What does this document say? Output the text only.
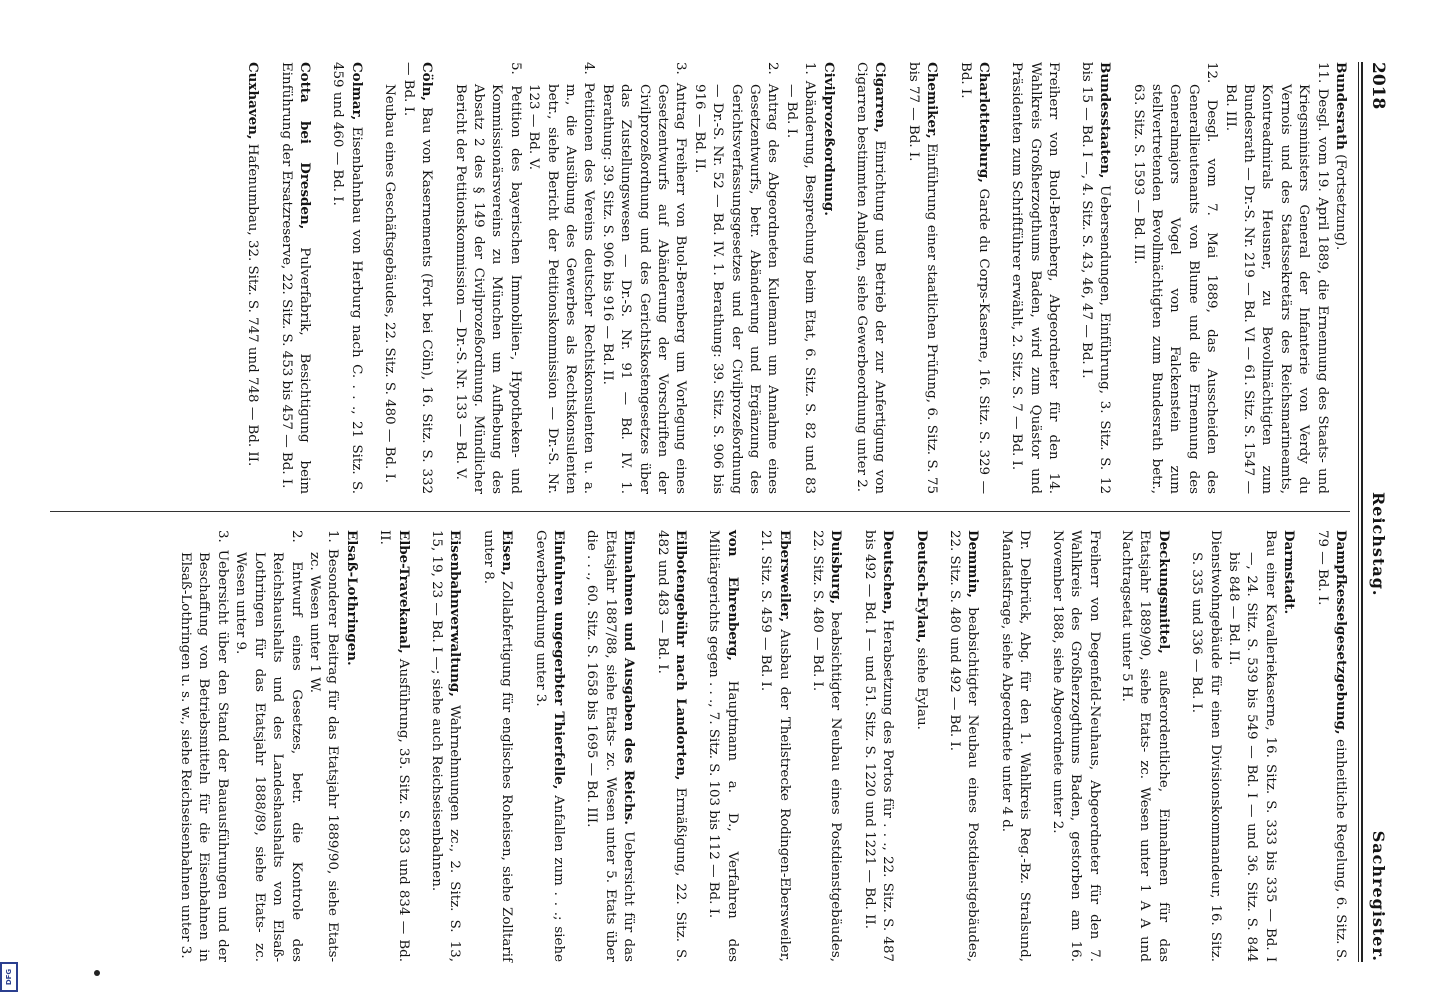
2018
Reichstag.
Sachregister.

Bundesrath (Fortsetzung).

11. Desgl. vom 19. April 1889, die Ernennung des Staats- und Kriegsministers General der Infanterie von Verdy du Vernois und des Staatssekretärs des Reichsmarineamts, Kontreadmirals Heusner, zu Bevollmächtigten zum Bundesrath — Dr.-S. Nr. 219 — Bd. VI — 61. Sitz. S. 1547 — Bd. III.

12. Desgl. vom 7. Mai 1889, das Ausscheiden des Generallieutenants von Blume und die Ernennung des Generalmajors Vogel von Falckenstein zum stellvertretenden Bevollmächtigten zum Bundesrath betr., 63. Sitz. S. 1593 — Bd. III.

Bundesstaaten, Uebersendungen, Einführung, 3. Sitz. S. 12 bis 15 — Bd. I —, 4. Sitz. S. 43, 46, 47 — Bd. I.

Freiherr von Buol-Berenberg, Abgeordneter für den 14. Wahlkreis Großherzogthums Baden, wird zum Quästor und Präsidenten zum Schriftführer erwählt, 2. Sitz. S. 7 — Bd. I.

Charlottenburg, Garde du Corps-Kaserne, 16. Sitz. S. 329 — Bd. I.

Chemiker, Einführung einer staatlichen Prüfung, 6. Sitz. S. 75 bis 77 — Bd. I.

Cigarren, Einrichtung und Betrieb der zur Anfertigung von Cigarren bestimmten Anlagen, siehe Gewerbeordnung unter 2.

Civilprozeßordnung.

1. Abänderung, Besprechung beim Etat, 6. Sitz. S. 82 und 83 — Bd. I.

2. Antrag des Abgeordneten Kulemann um Annahme eines Gesetzentwurfs, betr. Abänderung und Ergänzung des Gerichtsverfassungsgesetzes und der Civilprozeßordnung — Dr.-S. Nr. 52 — Bd. IV. 1. Berathung: 39. Sitz. S. 906 bis 916 — Bd. II.

3. Antrag Freiherr von Buol-Berenberg um Vorlegung eines Gesetzentwurfs auf Abänderung der Vorschriften der Civilprozeßordnung und des Gerichtskostengesetzes über das Zustellungswesen — Dr.-S. Nr. 91 — Bd. IV. 1. Berathung: 39. Sitz. S. 906 bis 916 — Bd. II.

4. Petitionen des Vereins deutscher Rechtskonsulenten u. a. m., die Ausübung des Gewerbes als Rechtskonsulenten betr., siehe Bericht der Petitionskommission — Dr.-S. Nr. 123 — Bd. V.

5. Petition des bayerischen Immobilien-, Hypotheken- und Kommissionärsvereins zu München um Aufhebung des Absatz 2 des § 149 der Civilprozeßordnung. Mündlicher Bericht der Petitionskommission — Dr.-S. Nr. 133 — Bd. V.

Cöln, Bau von Kasernements (Fort bei Cöln), 16. Sitz. S. 332 — Bd. I.

Neubau eines Geschäftsgebäudes, 22. Sitz. S. 480 — Bd. I.

Colmar, Eisenbahnbau von Herburg nach C. . . ., 21 Sitz. S. 459 und 460 — Bd. I.

Cotta bei Dresden, Pulverfabrik, Besichtigung beim Einführung der Ersatzreserve, 22. Sitz. S. 453 bis 457 — Bd. I.

Cuxhaven, Hafenumbau, 32. Sitz. S. 747 und 748 — Bd. II.

Dampfkesselgesetzgebung, einheitliche Regelung, 6. Sitz. S. 79 — Bd. I.

Darmstadt.

Bau einer Kavalleriekaserne, 16. Sitz. S. 333 bis 335 — Bd. I —, 24. Sitz. S. 539 bis 549 — Bd. I — und 36. Sitz. S. 844 bis 848 — Bd. II.

Dienstwohngebäude für einen Divisionskommandeur, 16. Sitz. S. 335 und 336 — Bd. I.

Deckungsmittel, außerordentliche, Einnahmen für das Etatsjahr 1889/90, siehe Etats- zc. Wesen unter 1 A A und Nachtragsetat unter 5 H.

Freiherr von Degenfeld-Neuhaus, Abgeordneter für den 7. Wahlkreis des Großherzogthums Baden, gestorben am 16. November 1888, siehe Abgeordnete unter 2.

Dr. Delbrück, Abg. für den 1. Wahlkreis Reg.-Bz. Stralsund, Mandatsfrage, siehe Abgeordnete unter 4 d.

Demmin, beabsichtigter Neubau eines Postdienstgebäudes, 22. Sitz. S. 480 und 492 — Bd. I.

Deutsch-Eylau, siehe Eylau.

Deutschen, Herabsetzung des Portos für . . ., 22. Sitz. S. 487 bis 492 — Bd. I — und 51. Sitz. S. 1220 und 1221 — Bd. II.

Duisburg, beabsichtigter Neubau eines Postdienstgebäudes, 22. Sitz. S. 480 — Bd. I.

Ebersweiler, Ausbau der Theilstrecke Rodingen-Ebersweiler, 21. Sitz. S. 459 — Bd. I.

von Ehrenberg, Hauptmann a. D., Verfahren des Militärgerichts gegen . . ., 7. Sitz. S. 103 bis 112 — Bd. I.

Eilbotengebühr nach Landorten, Ermäßigung, 22. Sitz. S. 482 und 483 — Bd. I.

Einnahmen und Ausgaben des Reichs. Uebersicht für das Etatsjahr 1887/88, siehe Etats- zc. Wesen unter 5. Etats über die . . ., 60. Sitz. S. 1658 bis 1695 — Bd. III.

Einfuhren ungegerbter Thierfelle, Anfallen zum . . .; siehe Gewerbeordnung unter 3.

Eisen, Zollabfertigung für englisches Roheisen, siehe Zolltarif unter 8.

Eisenbahnverwaltung, Wahrnehmungen zc., 2. Sitz. S. 13, 15, 19, 23 — Bd. I —; siehe auch Reichseisenbahnen.

Elbe-Travekanal, Ausführung, 35. Sitz. S. 833 und 834 — Bd. II.

Elsaß-Lothringen.

1. Besonderer Beitrag für das Etatsjahr 1889/90, siehe Etats- zc. Wesen unter 1 W.

2. Entwurf eines Gesetzes, betr. die Kontrole des Reichshaushalts und des Landeshaushalts von Elsaß-Lothringen für das Etatsjahr 1888/89, siehe Etats- zc. Wesen unter 9.

3. Uebersicht über den Stand der Bauausführungen und der Beschaffung von Betriebsmitteln für die Eisenbahnen in Elsaß-Lothringen u. s. w., siehe Reichseisenbahnen unter 3.

DFG
